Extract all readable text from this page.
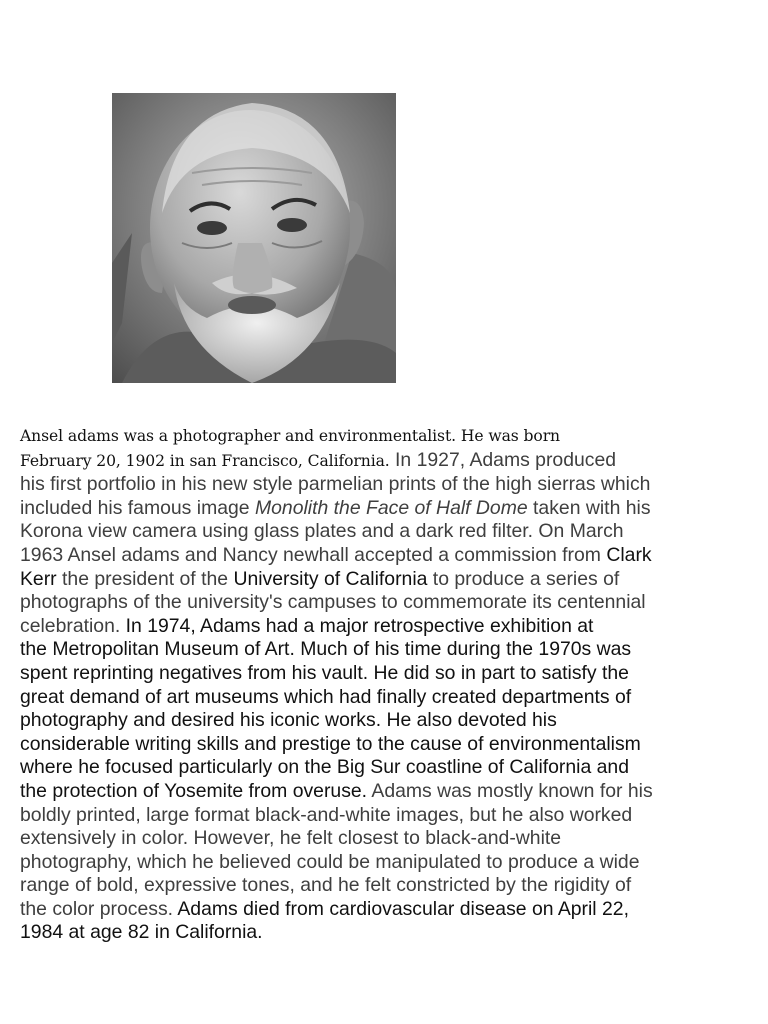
Ansel adams was a photographer and environmentalist. He was born
February 20, 1902 in san Francisco, California. In 1927, Adams produced
his first portfolio in his new style parmelian prints of the high sierras which
included his famous image Monolith the Face of Half Dome taken with his
Korona view camera using glass plates and a dark red filter. On March
1963 Ansel adams and Nancy newhall accepted a commission from Clark
Kerr the president of the University of California to produce a series of
photographs of the university's campuses to commemorate its centennial
celebration. In 1974, Adams had a major retrospective exhibition at
the Metropolitan Museum of Art. Much of his time during the 1970s was
spent reprinting negatives from his vault. He did so in part to satisfy the
great demand of art museums which had finally created departments of
photography and desired his iconic works. He also devoted his
considerable writing skills and prestige to the cause of environmentalism
where he focused particularly on the Big Sur coastline of California and
the protection of Yosemite from overuse. Adams was mostly known for his
boldly printed, large format black-and-white images, but he also worked
extensively in color. However, he felt closest to black-and-white
photography, which he believed could be manipulated to produce a wide
range of bold, expressive tones, and he felt constricted by the rigidity of
the color process. Adams died from cardiovascular disease on April 22,
1984 at age 82 in California.
